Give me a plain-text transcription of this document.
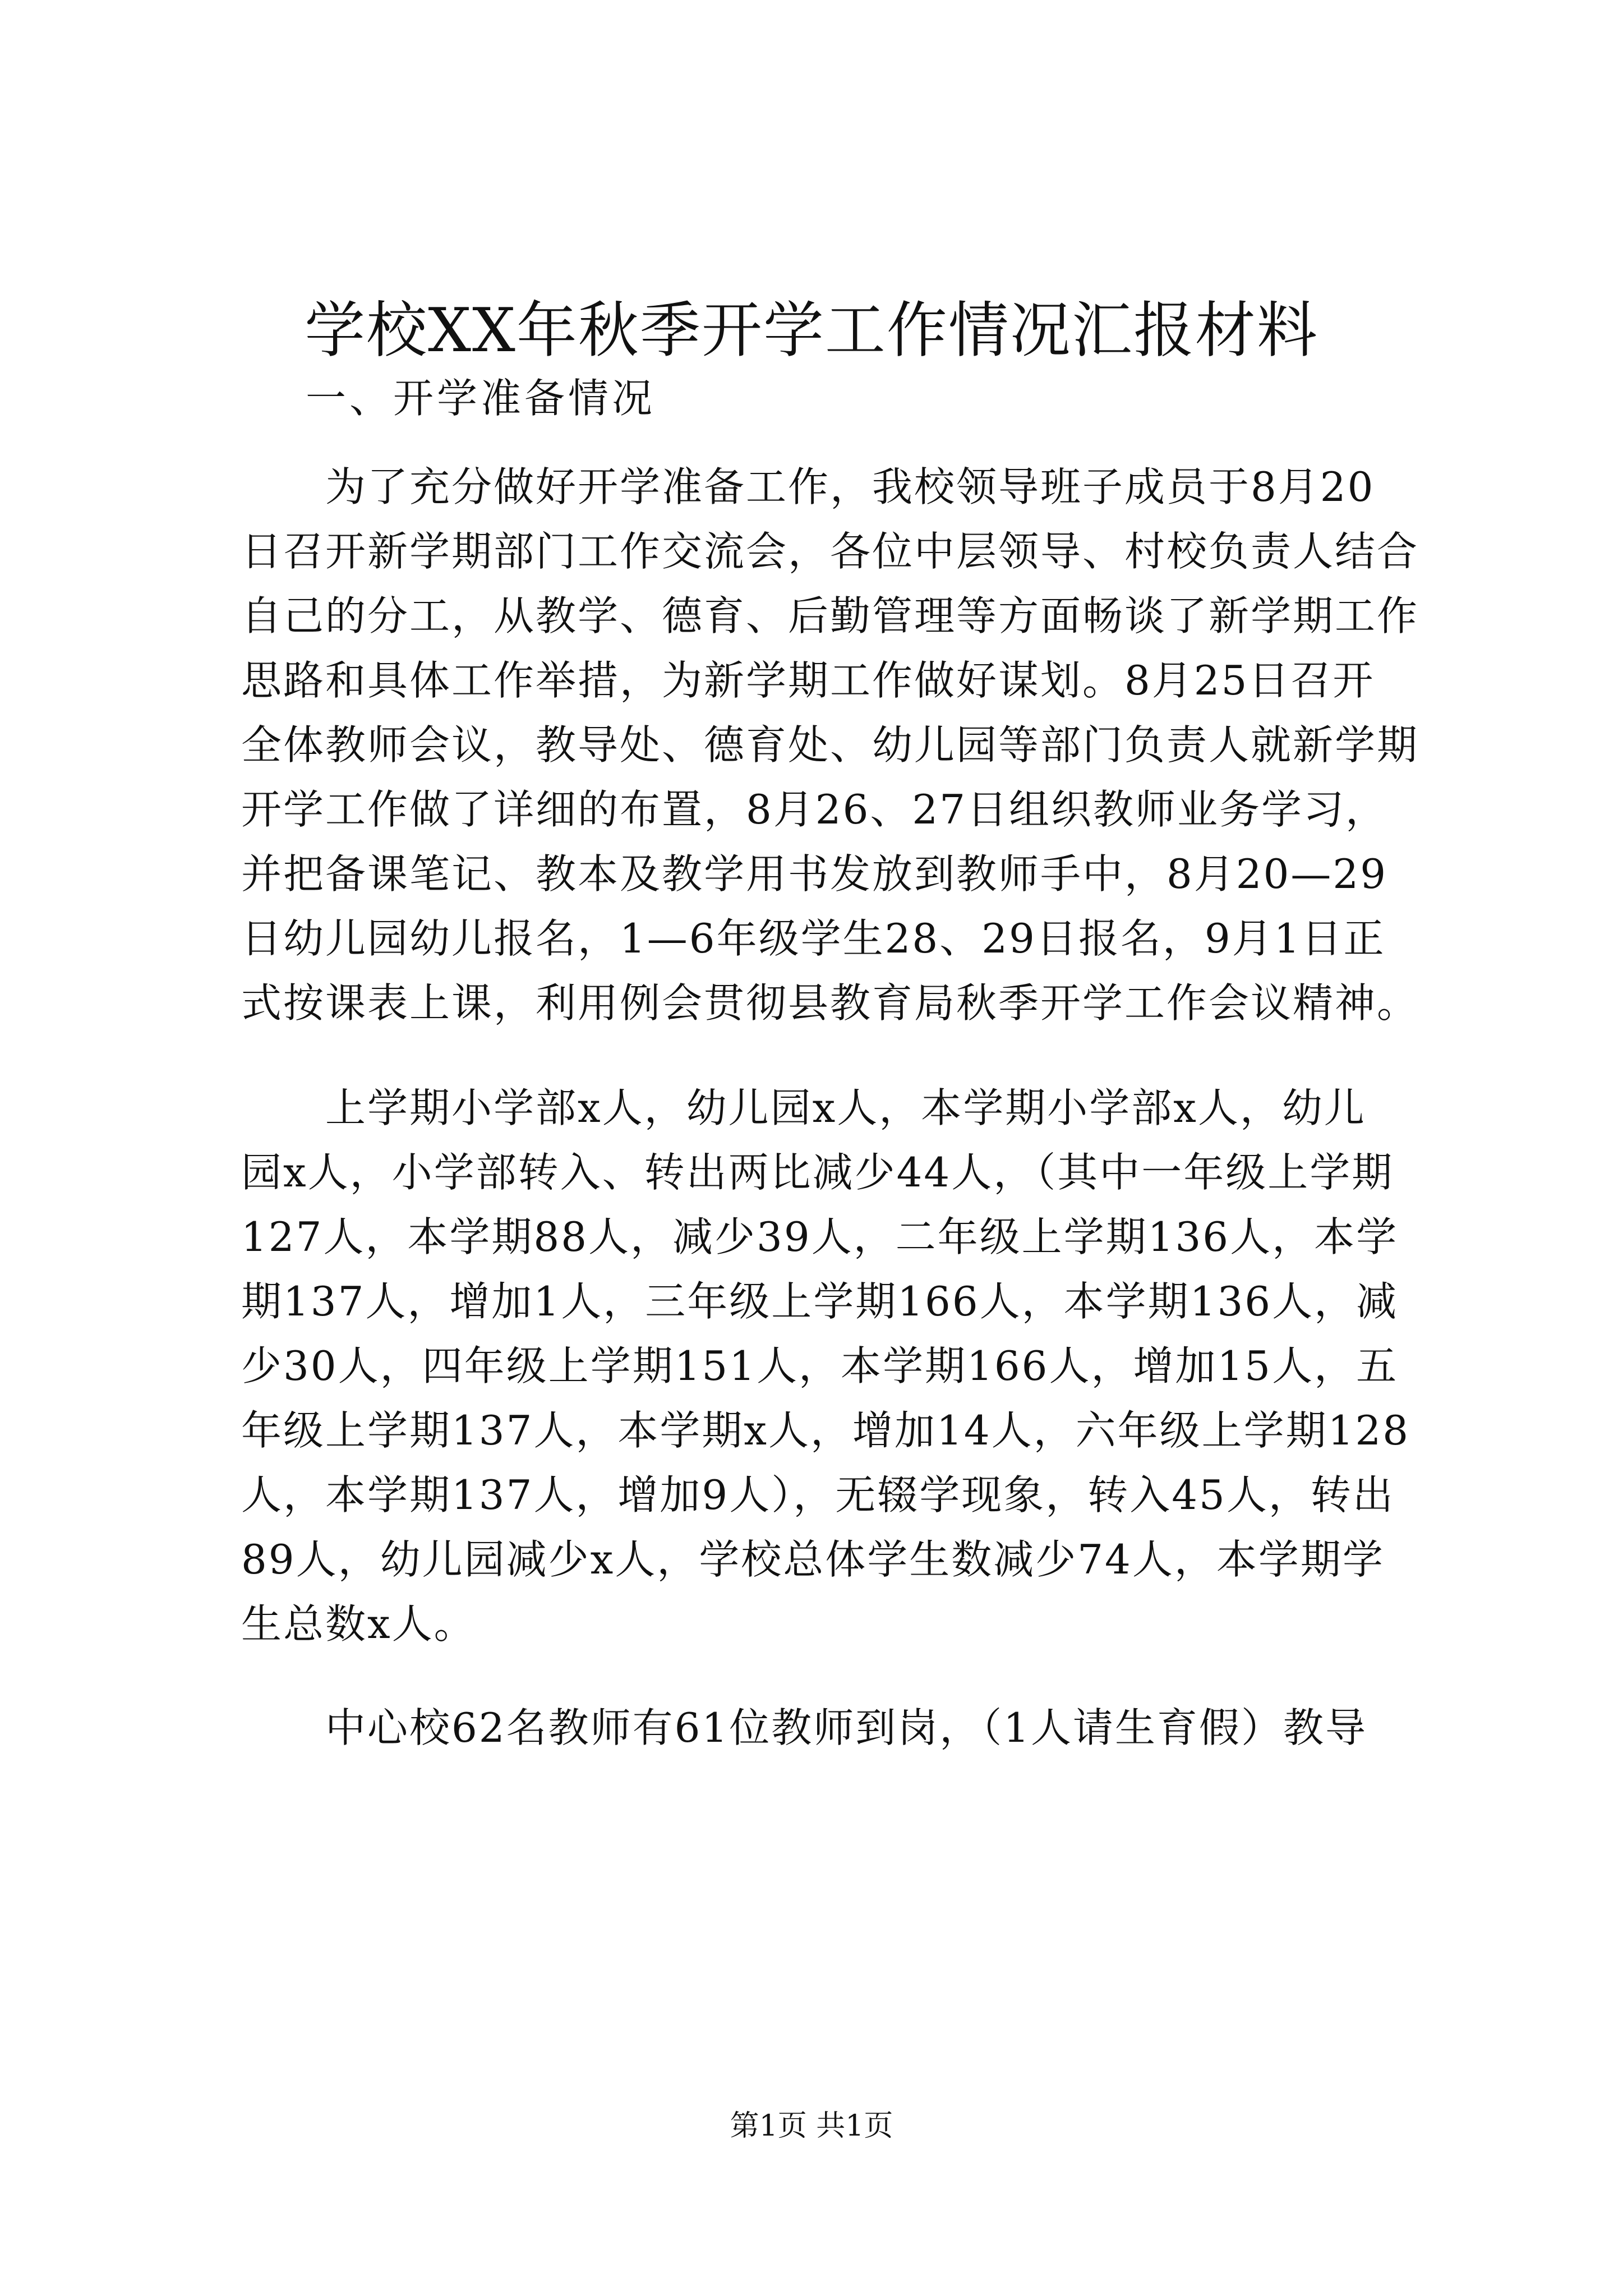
学校XX年秋季开学工作情况汇报材料
一、开学准备情况
　　为了充分做好开学准备工作，我校领导班子成员于8月20
日召开新学期部门工作交流会，各位中层领导、村校负责人结合
自己的分工，从教学、德育、后勤管理等方面畅谈了新学期工作
思路和具体工作举措，为新学期工作做好谋划。8月25日召开
全体教师会议，教导处、德育处、幼儿园等部门负责人就新学期
开学工作做了详细的布置，8月26、27日组织教师业务学习，
并把备课笔记、教本及教学用书发放到教师手中，8月20—29
日幼儿园幼儿报名，1—6年级学生28、29日报名，9月1日正
式按课表上课，利用例会贯彻县教育局秋季开学工作会议精神。
　　上学期小学部x人，幼儿园x人，本学期小学部x人，幼儿
园x人，小学部转入、转出两比减少44人，（其中一年级上学期
127人，本学期88人，减少39人，二年级上学期136人，本学
期137人，增加1人，三年级上学期166人，本学期136人，减
少30人，四年级上学期151人，本学期166人，增加15人，五
年级上学期137人，本学期x人，增加14人，六年级上学期128
人，本学期137人，增加9人），无辍学现象，转入45人，转出
89人，幼儿园减少x人，学校总体学生数减少74人，本学期学
生总数x人。
　　中心校62名教师有61位教师到岗，（1人请生育假）教导
第1页 共1页
